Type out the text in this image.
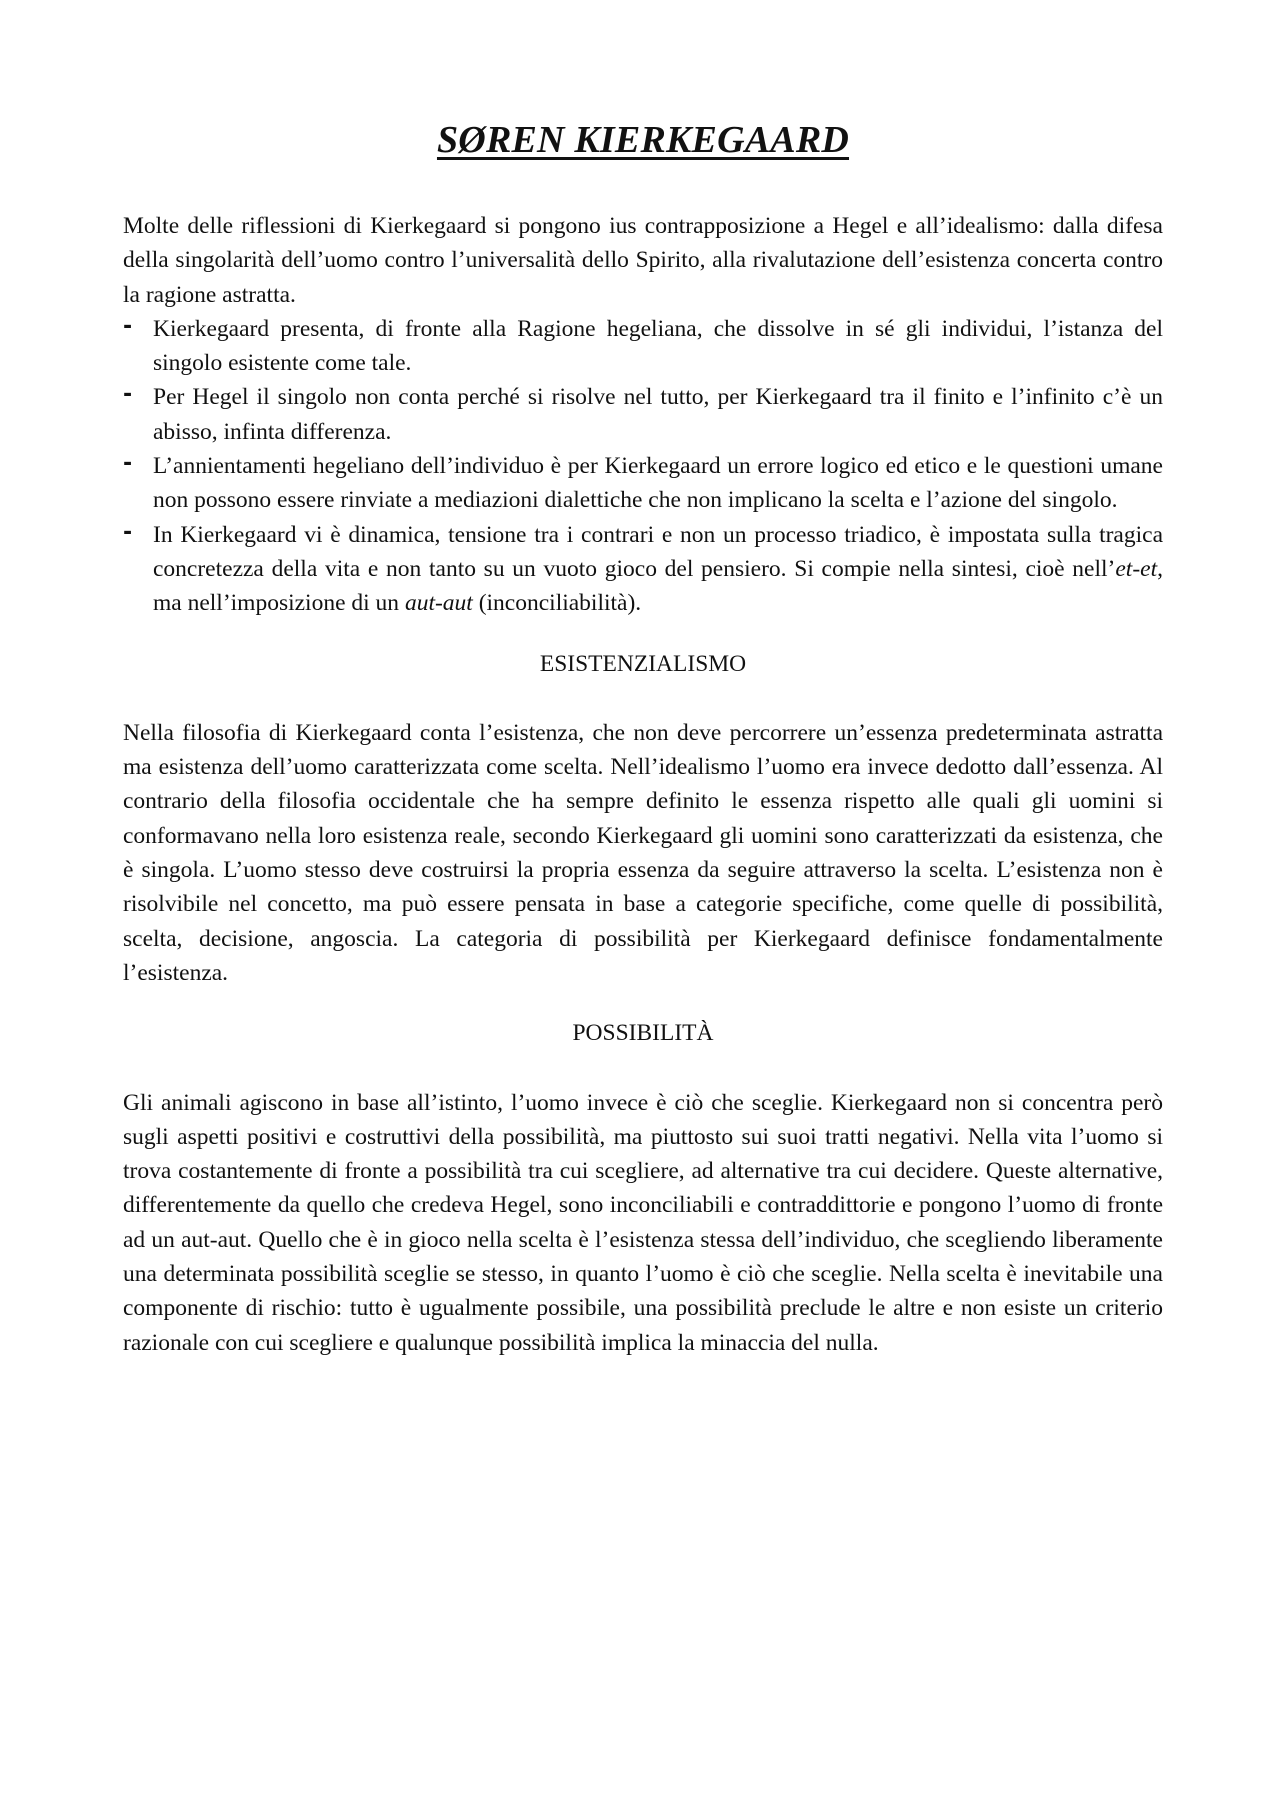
SØREN KIERKEGAARD

Molte delle riflessioni di Kierkegaard si pongono ius contrapposizione a Hegel e all’idealismo: dalla difesa della singolarità dell’uomo contro l’universalità dello Spirito, alla rivalutazione dell’esistenza concerta contro la ragione astratta.

- Kierkegaard presenta, di fronte alla Ragione hegeliana, che dissolve in sé gli individui, l’istanza del singolo esistente come tale.
- Per Hegel il singolo non conta perché si risolve nel tutto, per Kierkegaard tra il finito e l’infinito c’è un abisso, infinta differenza.
- L’annientamenti hegeliano dell’individuo è per Kierkegaard un errore logico ed etico e le questioni umane non possono essere rinviate a mediazioni dialettiche che non implicano la scelta e l’azione del singolo.
- In Kierkegaard vi è dinamica, tensione tra i contrari e non un processo triadico, è impostata sulla tragica concretezza della vita e non tanto su un vuoto gioco del pensiero. Si compie nella sintesi, cioè nell’et-et, ma nell’imposizione di un aut-aut (inconciliabilità).
ESISTENZIALISMO

Nella filosofia di Kierkegaard conta l’esistenza, che non deve percorrere un’essenza predeterminata astratta ma esistenza dell’uomo caratterizzata come scelta. Nell’idealismo l’uomo era invece dedotto dall’essenza. Al contrario della filosofia occidentale che ha sempre definito le essenza rispetto alle quali gli uomini si conformavano nella loro esistenza reale, secondo Kierkegaard gli uomini sono caratterizzati da esistenza, che è singola. L’uomo stesso deve costruirsi la propria essenza da seguire attraverso la scelta. L’esistenza non è risolvibile nel concetto, ma può essere pensata in base a categorie specifiche, come quelle di possibilità, scelta, decisione, angoscia. La categoria di possibilità per Kierkegaard definisce fondamentalmente l’esistenza.

POSSIBILITÀ

Gli animali agiscono in base all’istinto, l’uomo invece è ciò che sceglie. Kierkegaard non si concentra però sugli aspetti positivi e costruttivi della possibilità, ma piuttosto sui suoi tratti negativi. Nella vita l’uomo si trova costantemente di fronte a possibilità tra cui scegliere, ad alternative tra cui decidere. Queste alternative, differentemente da quello che credeva Hegel, sono inconciliabili e contraddittorie e pongono l’uomo di fronte ad un aut-aut. Quello che è in gioco nella scelta è l’esistenza stessa dell’individuo, che scegliendo liberamente una determinata possibilità sceglie se stesso, in quanto l’uomo è ciò che sceglie. Nella scelta è inevitabile una componente di rischio: tutto è ugualmente possibile, una possibilità preclude le altre e non esiste un criterio razionale con cui scegliere e qualunque possibilità implica la minaccia del nulla.
